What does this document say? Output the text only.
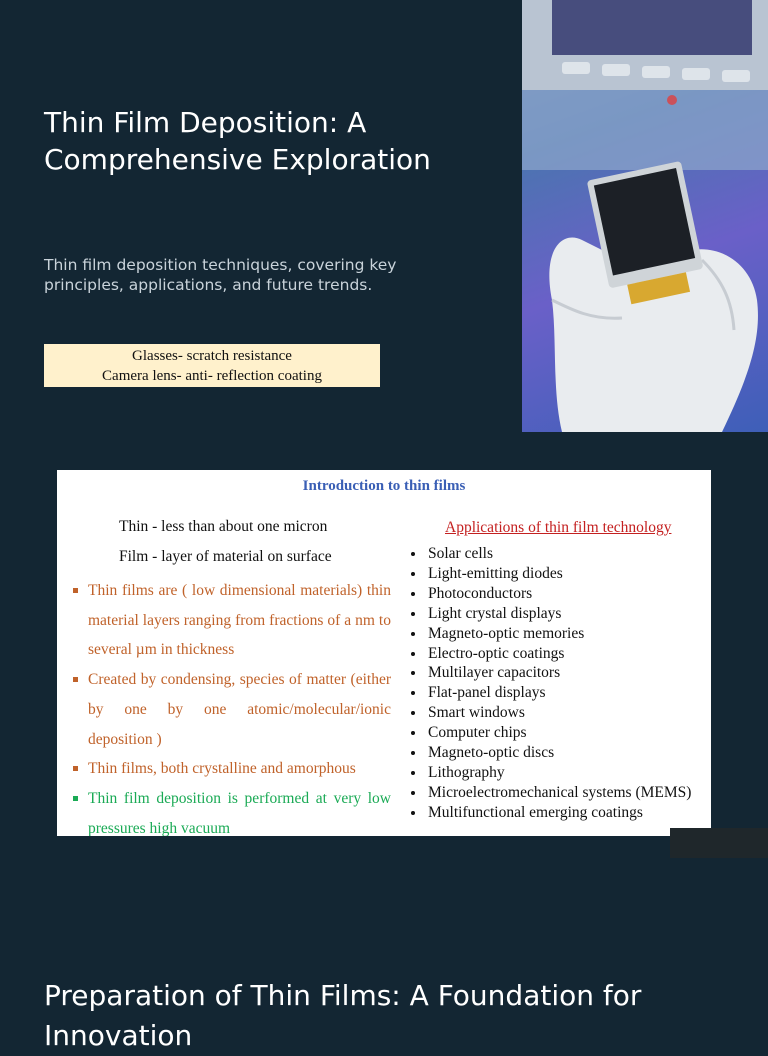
Thin Film Deposition: A Comprehensive Exploration

Thin film deposition techniques, covering key principles, applications, and future trends.

Glasses- scratch resistance
Camera lens- anti- reflection coating
Introduction to thin films
Thin - less than about one micron
Film - layer of material on surface
Thin films are ( low dimensional materials) thin material layers ranging from fractions of a nm to several µm in thickness
Created by condensing, species of matter (either by one by one atomic/molecular/ionic deposition )
Thin films, both crystalline and amorphous
Thin film deposition is performed at very low pressures high vacuum
Applications of thin film technology
Solar cells
Light-emitting diodes
Photoconductors
Light crystal displays
Magneto-optic memories
Electro-optic coatings
Multilayer capacitors
Flat-panel displays
Smart windows
Computer chips
Magneto-optic discs
Lithography
Microelectromechanical systems (MEMS)
Multifunctional emerging coatings
Preparation of Thin Films: A Foundation for Innovation
